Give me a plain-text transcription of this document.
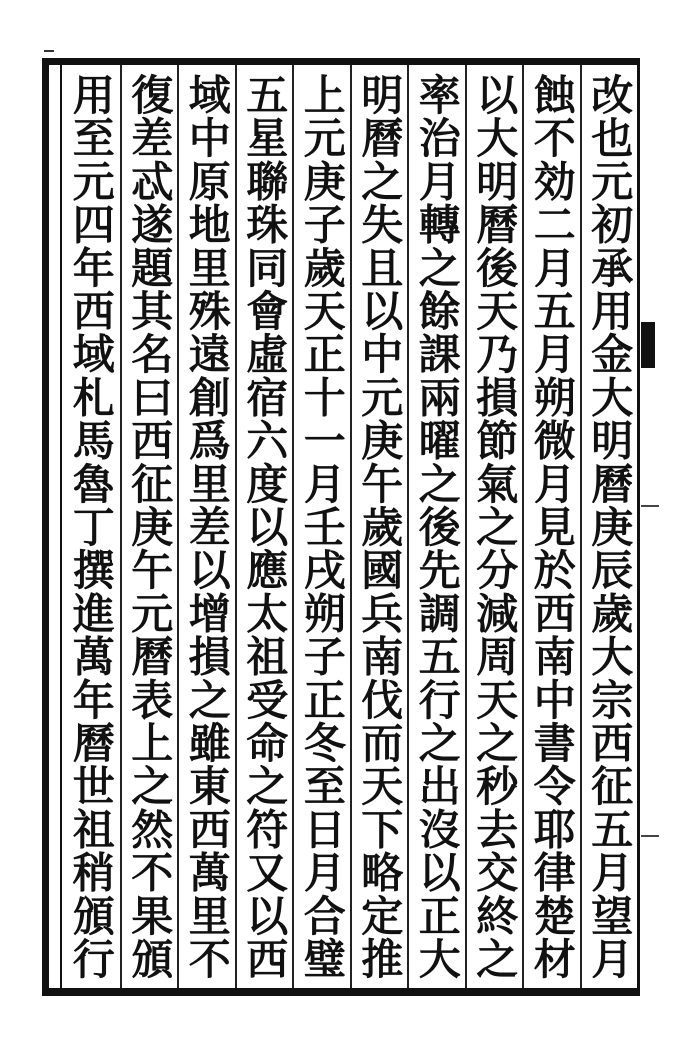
改也元初承用金大明曆庚辰歲大宗西征五月望月
蝕不効二月五月朔微月見於西南中書令耶律楚材
以大明曆後天乃損節氣之分減周天之秒去交終之
率治月轉之餘課兩曜之後先調五行之出沒以正大
明曆之失且以中元庚午歲國兵南伐而天下略定推
上元庚子歲天正十一月壬戌朔子正冬至日月合璧
五星聯珠同會虛宿六度以應太祖受命之符又以西
域中原地里殊遠創爲里差以增損之雖東西萬里不
復差忒遂題其名曰西征庚午元曆表上之然不果頒
用至元四年西域札馬魯丁撰進萬年曆世祖稍頒行
